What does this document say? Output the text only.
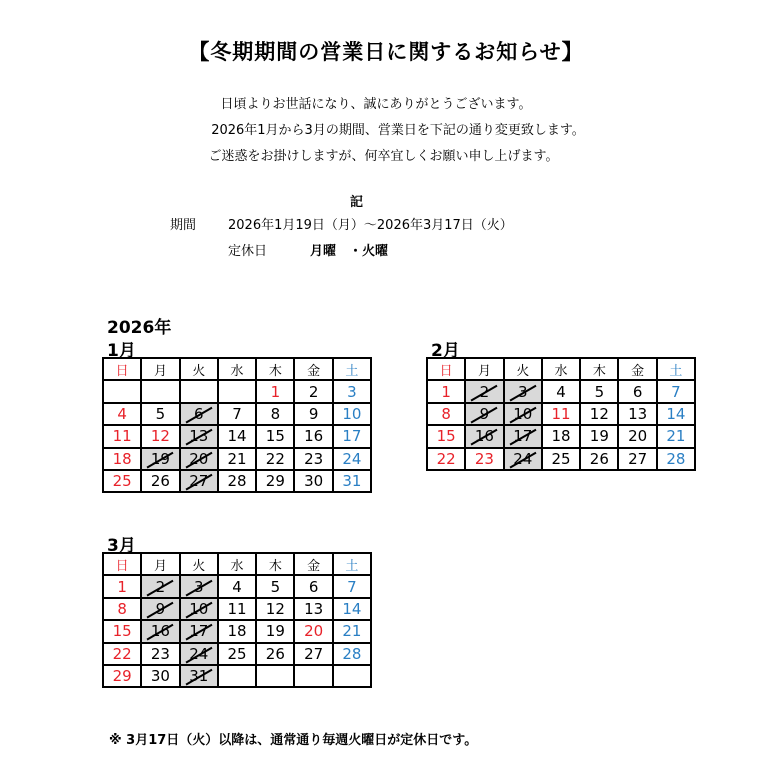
【冬期期間の営業日に関するお知らせ】
日頃よりお世話になり、誠にありがとうございます。
2026年1月から3月の期間、営業日を下記の通り変更致します。
ご迷惑をお掛けしますが、何卒宜しくお願い申し上げます。
記
期間 2026年1月19日（月）～2026年3月17日（火）
定休日	月曜　・火曜
2026年
1月
日	月	火	水	木	金	土
				1	2	3
4	5	6	7	8	9	10
11	12	13	14	15	16	17
18	19	20	21	22	23	24
25	26	27	28	29	30	31
2月
日	月	火	水	木	金	土
1	2	3	4	5	6	7
8	9	10	11	12	13	14
15	16	17	18	19	20	21
22	23	24	25	26	27	28
3月
日	月	火	水	木	金	土
1	2	3	4	5	6	7
8	9	10	11	12	13	14
15	16	17	18	19	20	21
22	23	24	25	26	27	28
29	30	31				
※ 3月17日（火）以降は、通常通り毎週火曜日が定休日です。
